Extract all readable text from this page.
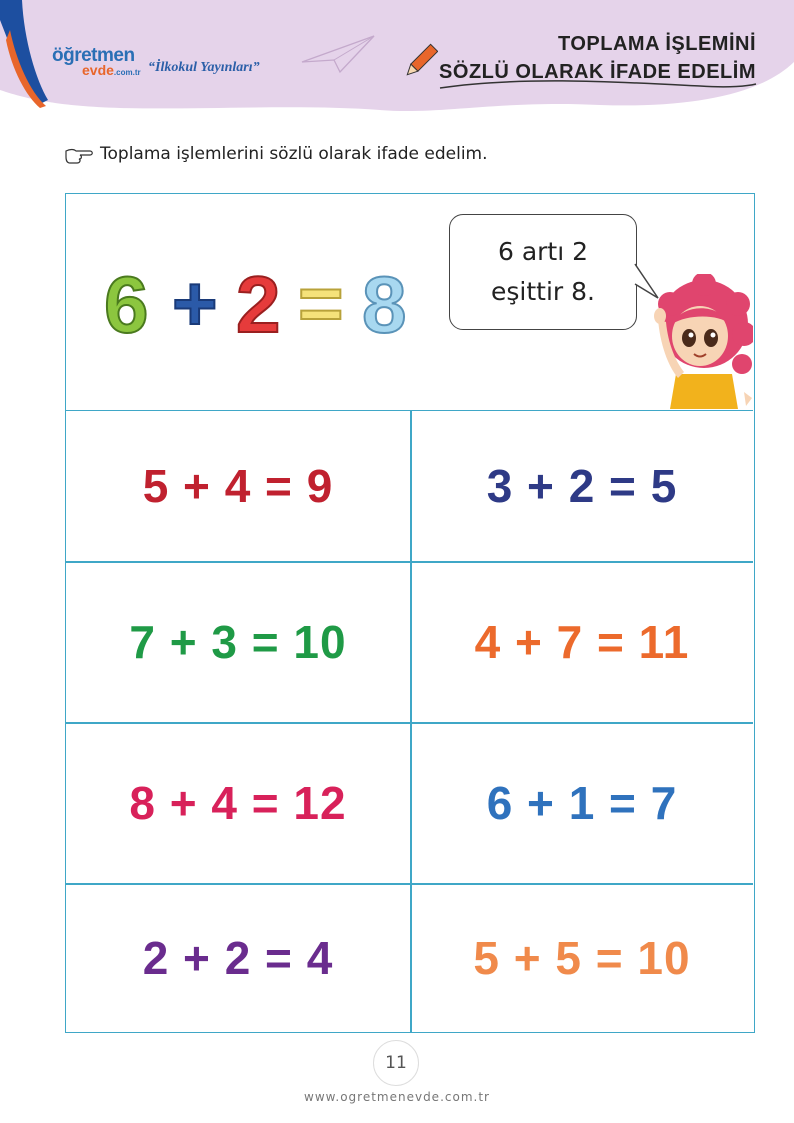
öğretmen
evde.com.tr “İlkokul Yayınları”
TOPLAMA İŞLEMİNİ
SÖZLÜ OLARAK İFADE EDELİM
Toplama işlemlerini sözlü olarak ifade edelim.
6 + 2 = 8
6 artı 2
eşittir 8.
5 + 4 = 9	3 + 2 = 5
7 + 3 = 10	4 + 7 = 11
8 + 4 = 12	6 + 1 = 7
2 + 2 = 4	5 + 5 = 10
11
www.ogretmenevde.com.tr
